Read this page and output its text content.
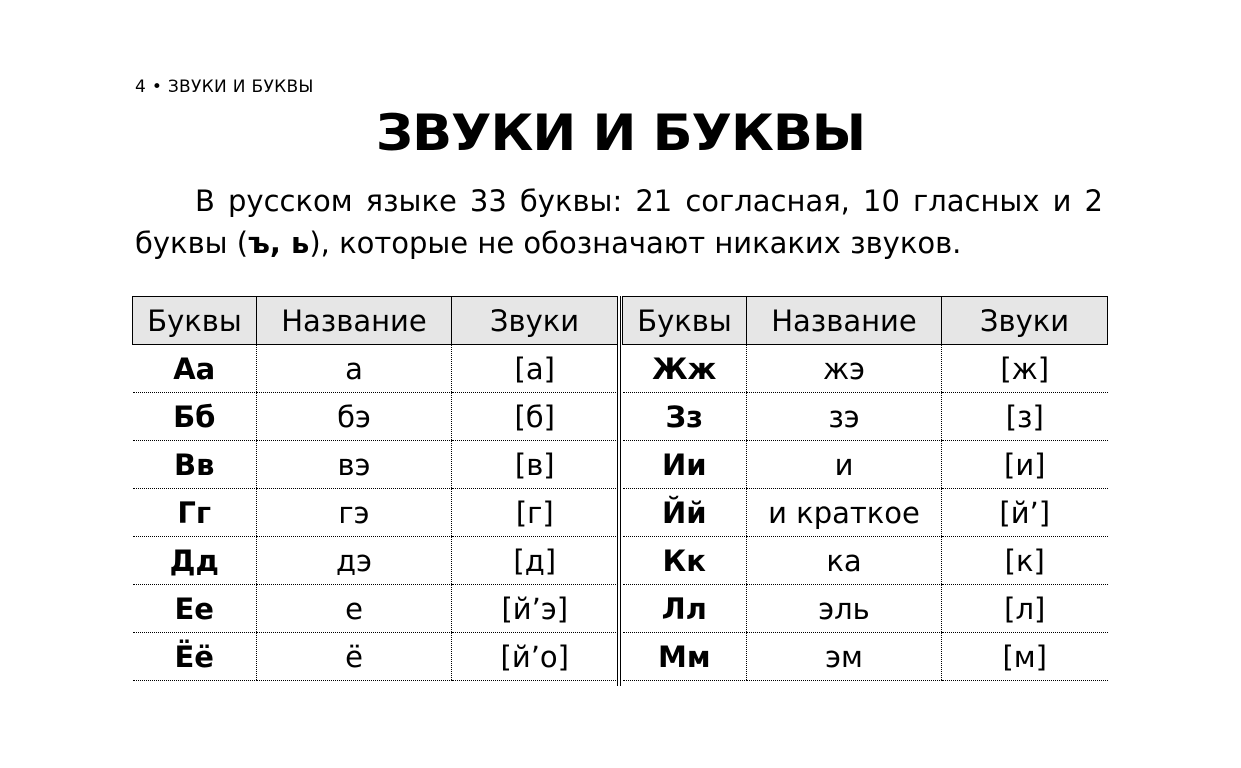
4 • ЗВУКИ И БУКВЫ
ЗВУКИ И БУКВЫ

В русском языке 33 буквы: 21 согласная, 10 гласных и 2 буквы (ъ, ь), которые не обозначают никаких звуков.

Буквы	Название	Звуки
Аа	а	[а]
Бб	бэ	[б]
Вв	вэ	[в]
Гг	гэ	[г]
Дд	дэ	[д]
Ее	е	[й’э]
Ёё	ё	[й’о]
Буквы	Название	Звуки
Жж	жэ	[ж]
Зз	зэ	[з]
Ии	и	[и]
Йй	и краткое	[й’]
Кк	ка	[к]
Лл	эль	[л]
Мм	эм	[м]
